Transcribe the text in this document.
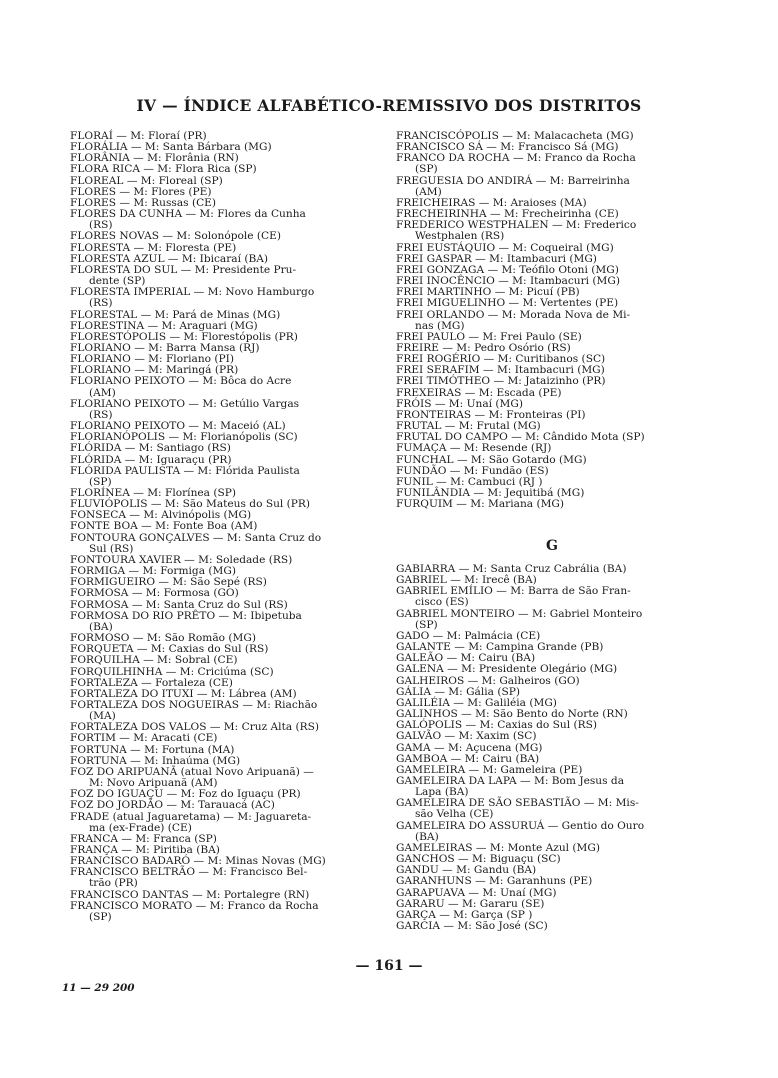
IV — ÍNDICE ALFABÉTICO-REMISSIVO DOS DISTRITOS
FLORAÍ — M: Floraí (PR)
FLORÁLIA — M: Santa Bárbara (MG)
FLORÂNIA — M: Florânia (RN)
FLORA RICA — M: Flora Rica (SP)
FLOREAL — M: Floreal (SP)
FLORES — M: Flores (PE)
FLORES — M: Russas (CE)
FLORES DA CUNHA — M: Flores da Cunha
(RS)
FLORES NOVAS — M: Solonópole (CE)
FLORESTA — M: Floresta (PE)
FLORESTA AZUL — M: Ibicaraí (BA)
FLORESTA DO SUL — M: Presidente Pru-
dente (SP)
FLORESTA IMPERIAL — M: Novo Hamburgo
(RS)
FLORESTAL — M: Pará de Minas (MG)
FLORESTINA — M: Araguari (MG)
FLORESTÓPOLIS — M: Florestópolis (PR)
FLORIANO — M: Barra Mansa (RJ)
FLORIANO — M: Floriano (PI)
FLORIANO — M: Maringá (PR)
FLORIANO PEIXOTO — M: Bôca do Acre
(AM)
FLORIANO PEIXOTO — M: Getúlio Vargas
(RS)
FLORIANO PEIXOTO — M: Maceió (AL)
FLORIANÓPOLIS — M: Florianópolis (SC)
FLÓRIDA — M: Santiago (RS)
FLÓRIDA — M: Iguaraçu (PR)
FLÓRIDA PAULISTA — M: Flórida Paulista
(SP)
FLORÍNEA — M: Florínea (SP)
FLUVIÓPOLIS — M: São Mateus do Sul (PR)
FONSECA — M: Alvinópolis (MG)
FONTE BOA — M: Fonte Boa (AM)
FONTOURA GONÇALVES — M: Santa Cruz do
Sul (RS)
FONTOURA XAVIER — M: Soledade (RS)
FORMIGA — M: Formiga (MG)
FORMIGUEIRO — M: São Sepé (RS)
FORMOSA — M: Formosa (GO)
FORMOSA — M: Santa Cruz do Sul (RS)
FORMOSA DO RIO PRÊTO — M: Ibipetuba
(BA)
FORMOSO — M: São Romão (MG)
FORQUETA — M: Caxias do Sul (RS)
FORQUILHA — M: Sobral (CE)
FORQUILHINHA — M: Criciúma (SC)
FORTALEZA — Fortaleza (CE)
FORTALEZA DO ITUXI — M: Lábrea (AM)
FORTALEZA DOS NOGUEIRAS — M: Riachão
(MA)
FORTALEZA DOS VALOS — M: Cruz Alta (RS)
FORTIM — M: Aracati (CE)
FORTUNA — M: Fortuna (MA)
FORTUNA — M: Inhaúma (MG)
FOZ DO ARIPUANÃ (atual Novo Aripuanã) —
M: Novo Aripuanã (AM)
FOZ DO IGUAÇU — M: Foz do Iguaçu (PR)
FOZ DO JORDÃO — M: Tarauacá (AC)
FRADE (atual Jaguaretama) — M: Jaguareta-
ma (ex-Frade) (CE)
FRANCA — M: Franca (SP)
FRANÇA — M: Piritiba (BA)
FRANCISCO BADARÓ — M: Minas Novas (MG)
FRANCISCO BELTRÃO — M: Francisco Bel-
trão (PR)
FRANCISCO DANTAS — M: Portalegre (RN)
FRANCISCO MORATO — M: Franco da Rocha
(SP)
FRANCISCÓPOLIS — M: Malacacheta (MG)
FRANCISCO SÁ — M: Francisco Sá (MG)
FRANCO DA ROCHA — M: Franco da Rocha
(SP)
FREGUESIA DO ANDIRÁ — M: Barreirinha
(AM)
FREICHEIRAS — M: Araioses (MA)
FRECHEIRINHA — M: Frecheirinha (CE)
FREDERICO WESTPHALEN — M: Frederico
Westphalen (RS)
FREI EUSTÁQUIO — M: Coqueiral (MG)
FREI GASPAR — M: Itambacuri (MG)
FREI GONZAGA — M: Teófilo Otoni (MG)
FREI INOCÊNCIO — M: Itambacuri (MG)
FREI MARTINHO — M: Picuí (PB)
FREI MIGUELINHO — M: Vertentes (PE)
FREI ORLANDO — M: Morada Nova de Mi-
nas (MG)
FREI PAULO — M: Frei Paulo (SE)
FREIRE — M: Pedro Osório (RS)
FREI ROGÉRIO — M: Curitibanos (SC)
FREI SERAFIM — M: Itambacuri (MG)
FREI TIMÓTHEO — M: Jataizinho (PR)
FREXEIRAS — M: Escada (PE)
FRÓIS — M: Unaí (MG)
FRONTEIRAS — M: Fronteiras (PI)
FRUTAL — M: Frutal (MG)
FRUTAL DO CAMPO — M: Cândido Mota (SP)
FUMAÇA — M: Resende (RJ)
FUNCHAL — M: São Gotardo (MG)
FUNDÃO — M: Fundão (ES)
FUNIL — M: Cambuci (RJ )
FUNILÂNDIA — M: Jequitibá (MG)
FURQUIM — M: Mariana (MG)
G
GABIARRA — M: Santa Cruz Cabrália (BA)
GABRIEL — M: Irecê (BA)
GABRIEL EMÍLIO — M: Barra de São Fran-
cisco (ES)
GABRIEL MONTEIRO — M: Gabriel Monteiro
(SP)
GADO — M: Palmácia (CE)
GALANTE — M: Campina Grande (PB)
GALEÃO — M: Cairu (BA)
GALENA — M: Presidente Olegário (MG)
GALHEIROS — M: Galheiros (GO)
GÁLIA — M: Gália (SP)
GALILÉIA — M: Galiléia (MG)
GALINHOS — M: São Bento do Norte (RN)
GALÓPOLIS — M: Caxias do Sul (RS)
GALVÃO — M: Xaxim (SC)
GAMA — M: Açucena (MG)
GAMBOA — M: Cairu (BA)
GAMELEIRA — M: Gameleira (PE)
GAMELEIRA DA LAPA — M: Bom Jesus da
Lapa (BA)
GAMELEIRA DE SÃO SEBASTIÃO — M: Mis-
são Velha (CE)
GAMELEIRA DO ASSURUÁ — Gentio do Ouro
(BA)
GAMELEIRAS — M: Monte Azul (MG)
GANCHOS — M: Biguaçu (SC)
GANDU — M: Gandu (BA)
GARANHUNS — M: Garanhuns (PE)
GARAPUAVA — M: Unaí (MG)
GARARU — M: Gararu (SE)
GARÇA — M: Garça (SP )
GARCIA — M: São José (SC)
— 161 —
11 — 29 200
